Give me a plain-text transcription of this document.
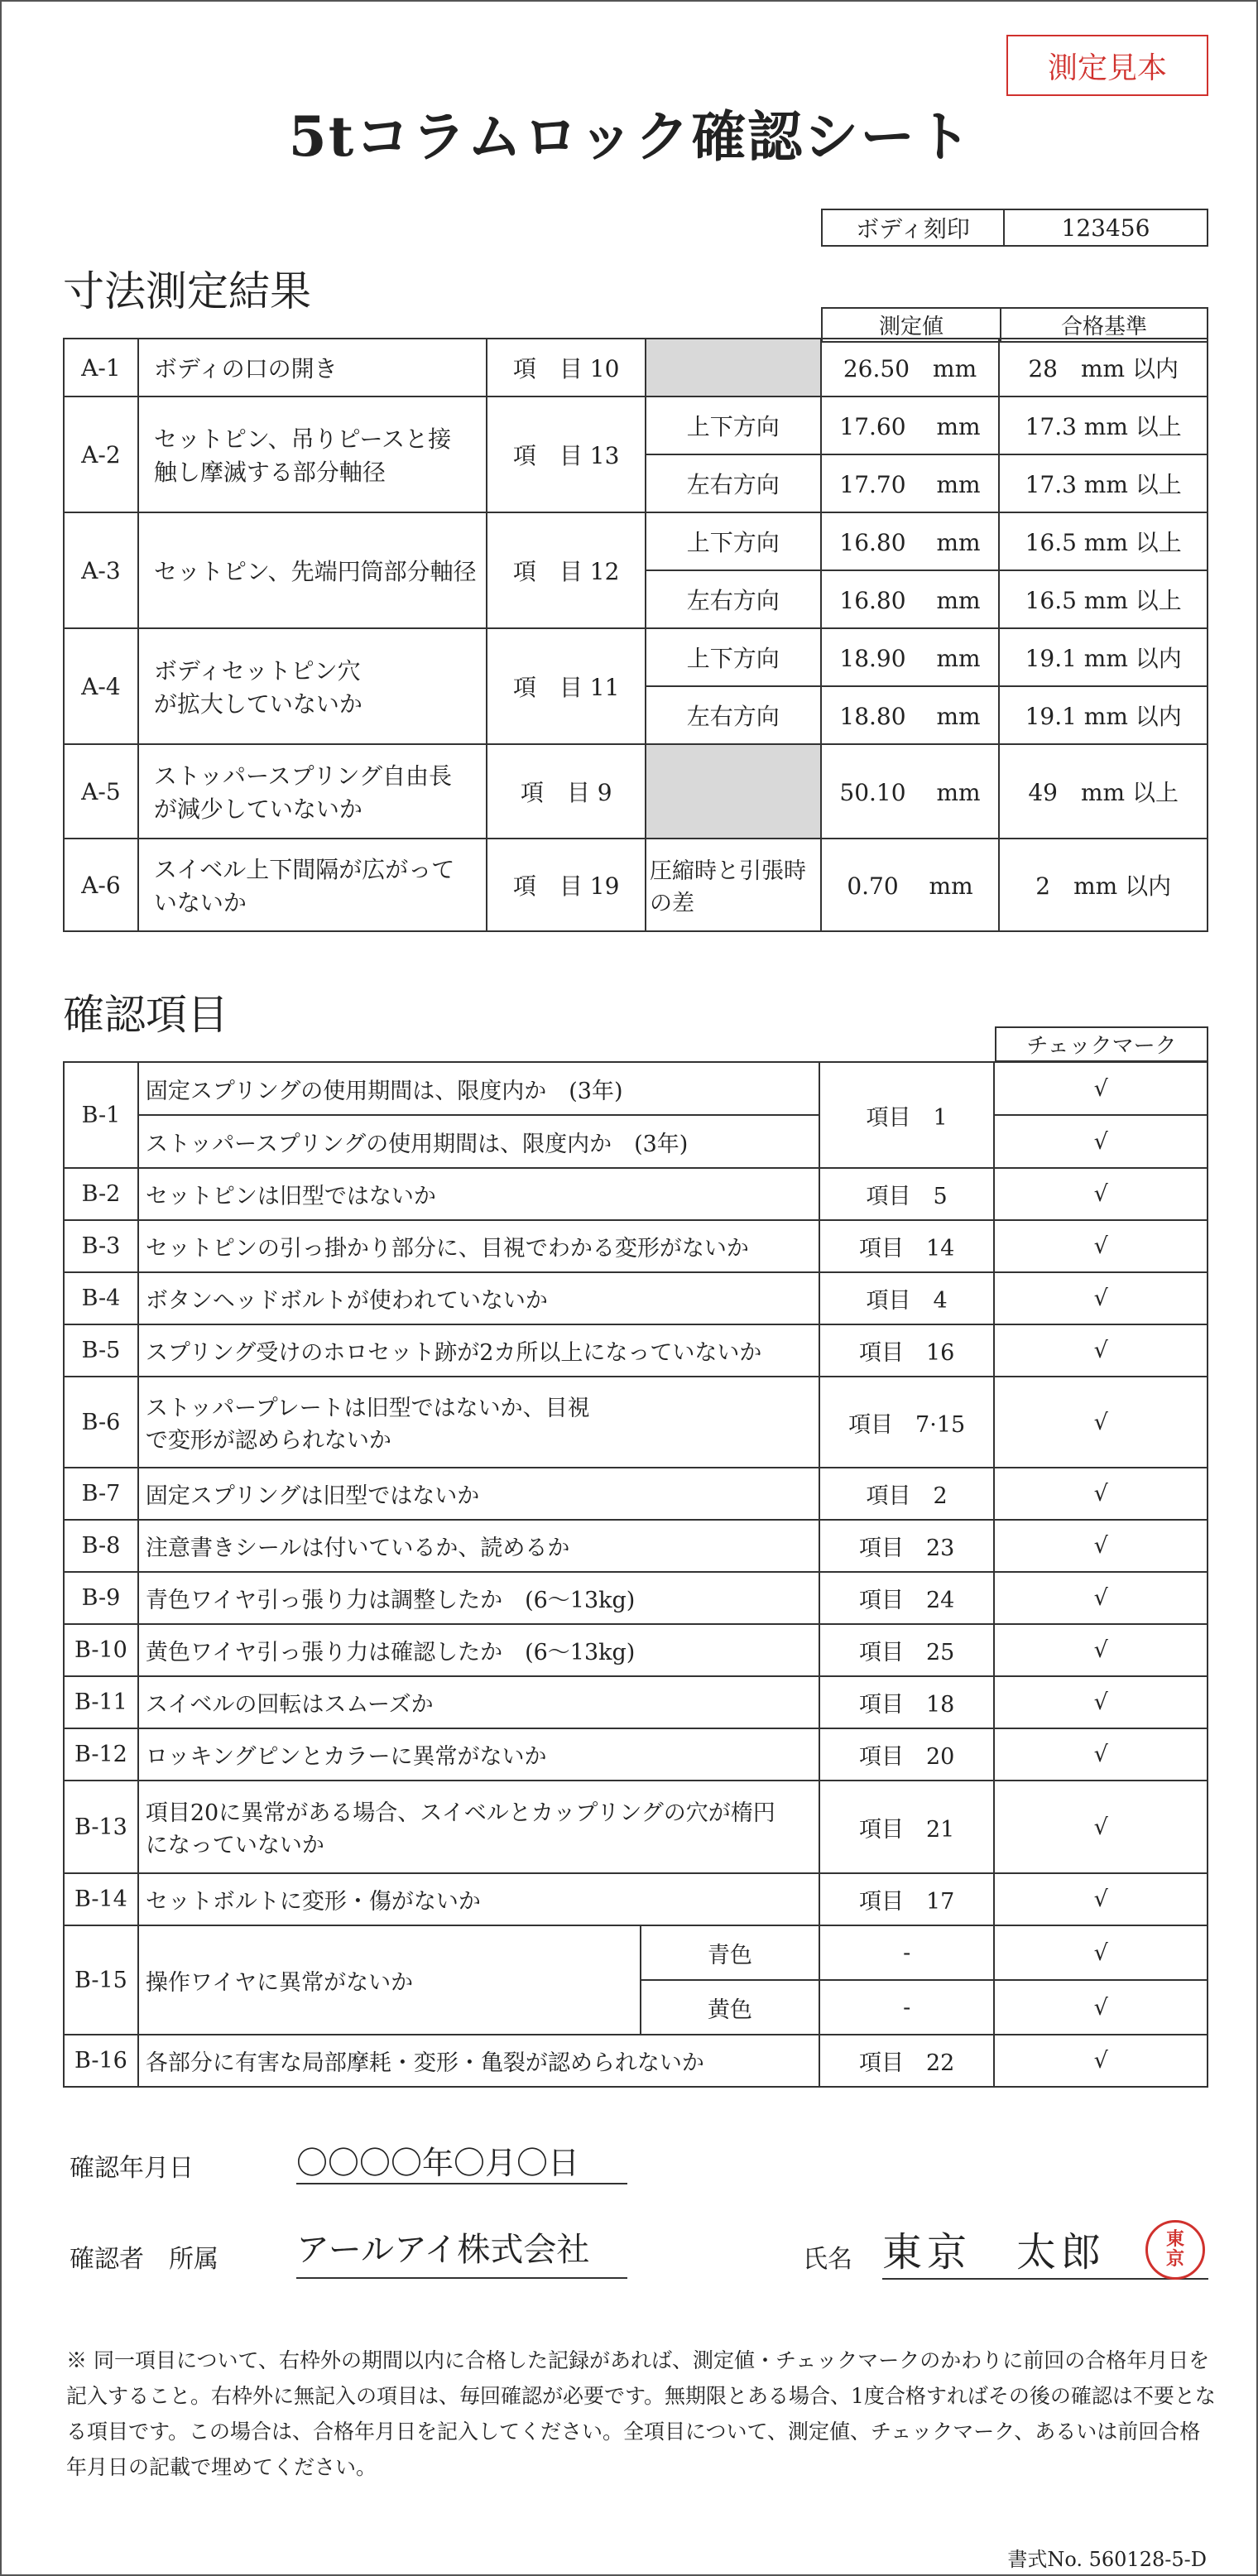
測定見本
5tコラムロック確認シート
ボディ刻印	123456
寸法測定結果
測定値	合格基準
A-1	ボディの口の開き	項　目 10		26.50　mm	28　mm 以内
A-2	セットピン、吊りピースと接触し摩滅する部分軸径	項　目 13	上下方向	17.60　 mm	17.3 mm 以上
			左右方向	17.70　 mm	17.3 mm 以上
A-3	セットピン、先端円筒部分軸径	項　目 12	上下方向	16.80　 mm	16.5 mm 以上
			左右方向	16.80　 mm	16.5 mm 以上
A-4	ボディセットピン穴が拡大していないか	項　目 11	上下方向	18.90　 mm	19.1 mm 以内
			左右方向	18.80　 mm	19.1 mm 以内
A-5	ストッパースプリング自由長が減少していないか	項　目 9		50.10　 mm	49　mm 以上
A-6	スイベル上下間隔が広がっていないか	項　目 19	圧縮時と引張時の差	0.70　 mm	2　mm 以内
確認項目
チェックマーク
B-1	固定スプリングの使用期間は、限度内か　(3年)		項目　1	√
	ストッパースプリングの使用期間は、限度内か　(3年)			√
B-2	セットピンは旧型ではないか		項目　5	√
B-3	セットピンの引っ掛かり部分に、目視でわかる変形がないか		項目　14	√
B-4	ボタンヘッドボルトが使われていないか		項目　4	√
B-5	スプリング受けのホロセット跡が2カ所以上になっていないか		項目　16	√
B-6	ストッパープレートは旧型ではないか、目視で変形が認められないか		項目　7·15	√
B-7	固定スプリングは旧型ではないか		項目　2	√
B-8	注意書きシールは付いているか、読めるか		項目　23	√
B-9	青色ワイヤ引っ張り力は調整したか　(6〜13kg)		項目　24	√
B-10	黄色ワイヤ引っ張り力は確認したか　(6〜13kg)		項目　25	√
B-11	スイベルの回転はスムーズか		項目　18	√
B-12	ロッキングピンとカラーに異常がないか		項目　20	√
B-13	項目20に異常がある場合、スイベルとカップリングの穴が楕円になっていないか		項目　21	√
B-14	セットボルトに変形・傷がないか		項目　17	√
B-15	操作ワイヤに異常がないか	青色	-	√
		黄色	-	√
B-16	各部分に有害な局部摩耗・変形・亀裂が認められないか		項目　22	√
確認年月日	〇〇〇〇年〇月〇日
確認者　所属 アールアイ株式会社	氏名 東京　太郎	東
京
※ 同一項目について、右枠外の期間以内に合格した記録があれば、測定値・チェックマークのかわりに前回の合格年月日を記入すること。右枠外に無記入の項目は、毎回確認が必要です。無期限とある場合、1度合格すればその後の確認は不要となる項目です。この場合は、合格年月日を記入してください。全項目について、測定値、チェックマーク、あるいは前回合格年月日の記載で埋めてください。
書式No. 560128-5-D
